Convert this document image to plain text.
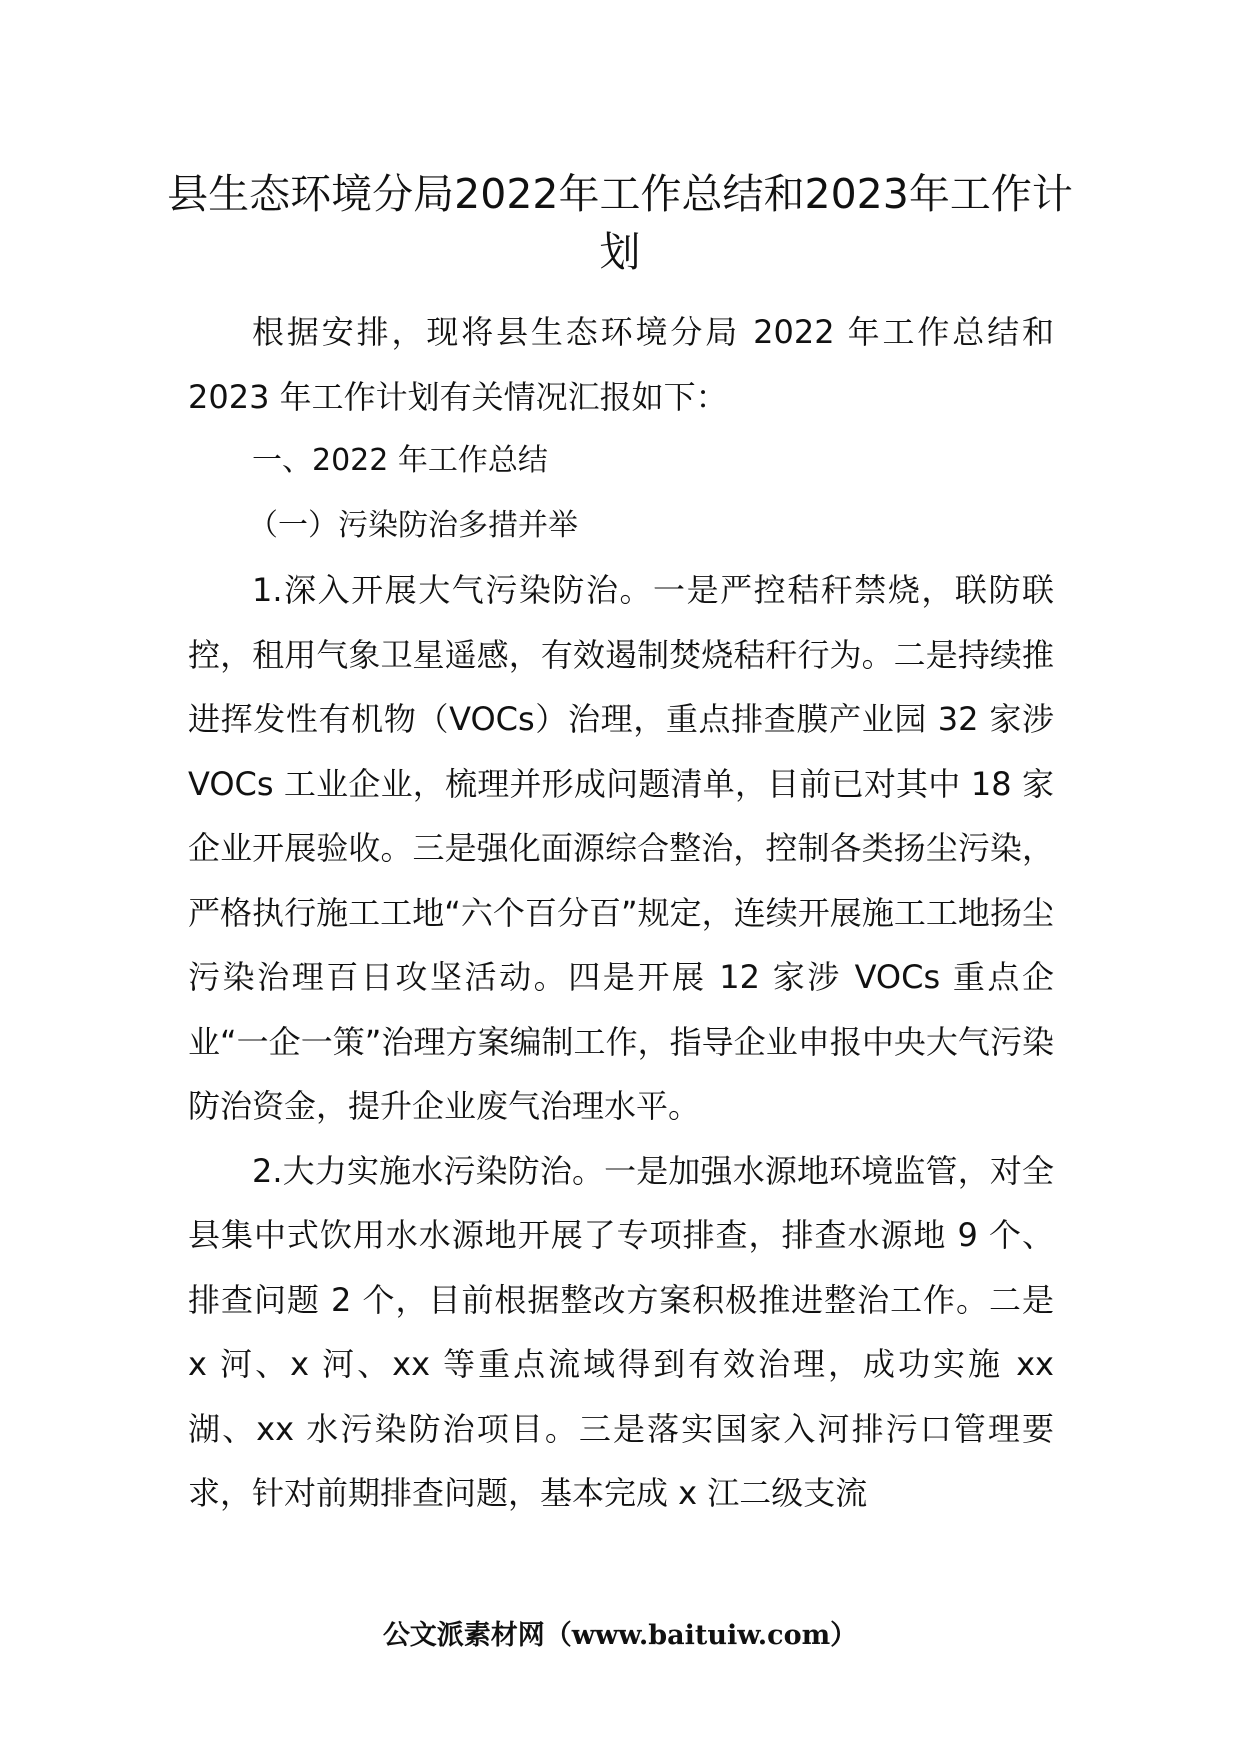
县生态环境分局2022年工作总结和2023年工作计划

根据安排，现将县生态环境分局 2022 年工作总结和 2023 年工作计划有关情况汇报如下：

一、2022 年工作总结

（一）污染防治多措并举

1.深入开展大气污染防治。一是严控秸秆禁烧，联防联控，租用气象卫星遥感，有效遏制焚烧秸秆行为。二是持续推进挥发性有机物（VOCs）治理，重点排查膜产业园 32 家涉 VOCs 工业企业，梳理并形成问题清单，目前已对其中 18 家企业开展验收。三是强化面源综合整治，控制各类扬尘污染，严格执行施工工地“六个百分百”规定，连续开展施工工地扬尘污染治理百日攻坚活动。四是开展 12 家涉 VOCs 重点企业“一企一策”治理方案编制工作，指导企业申报中央大气污染防治资金，提升企业废气治理水平。

2.大力实施水污染防治。一是加强水源地环境监管，对全县集中式饮用水水源地开展了专项排查，排查水源地 9 个、排查问题 2 个，目前根据整改方案积极推进整治工作。二是 x 河、x 河、xx 等重点流域得到有效治理，成功实施 xx 湖、xx 水污染防治项目。三是落实国家入河排污口管理要求，针对前期排查问题，基本完成 x 江二级支流

公文派素材网（www.baituiw.com）
